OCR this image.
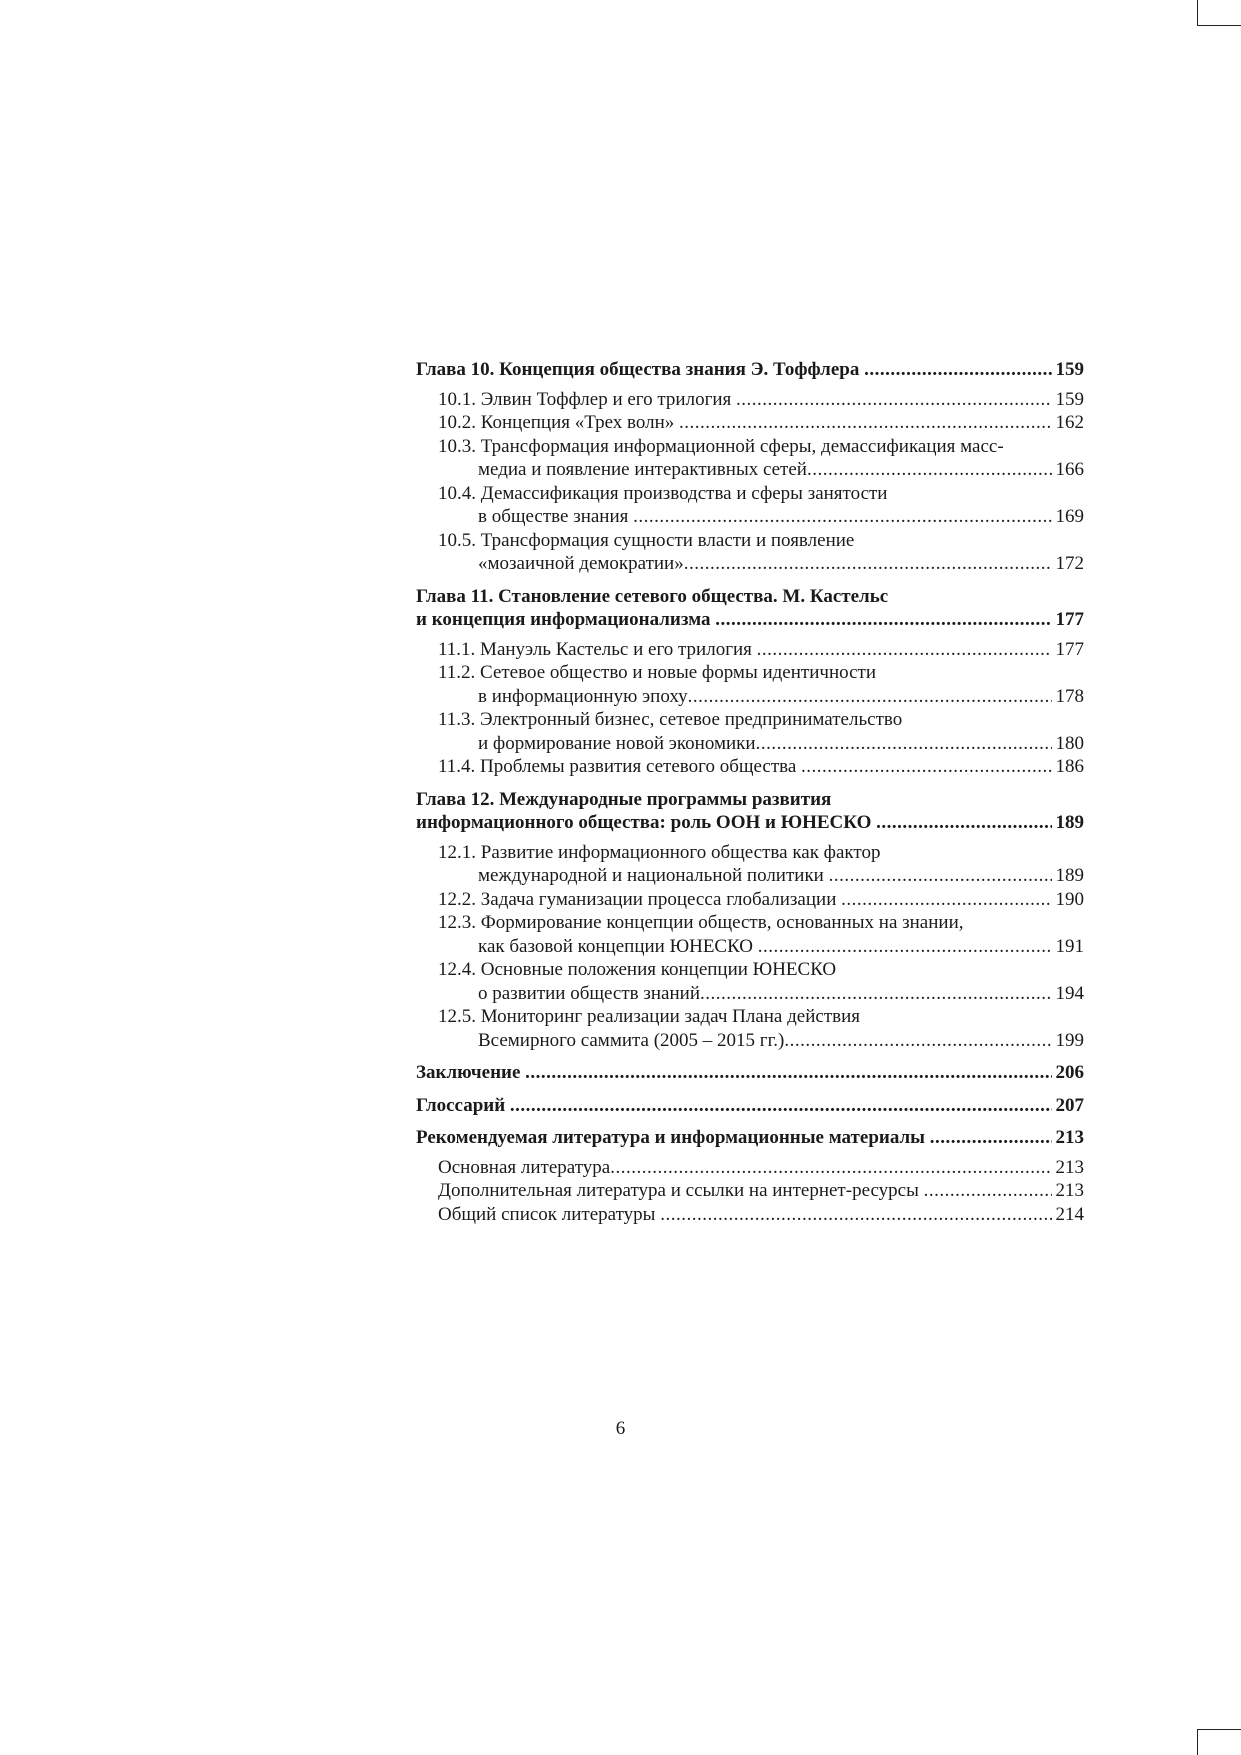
Глава 10. Концепция общества знания Э. Тоффлера .....	159
10.1. Элвин Тоффлер и его трилогия .....	159
10.2. Концепция «Трех волн» .....	162
10.3. Трансформация информационной сферы, демассификация масс-
медиа и появление интерактивных сетей .....	166
10.4. Демассификация производства и сферы занятости
в обществе знания .....	169
10.5. Трансформация сущности власти и появление
«мозаичной демократии» .....	172
Глава 11. Становление сетевого общества. М. Кастельс
и концепция информационализма .....	177
11.1. Мануэль Кастельс и его трилогия .....	177
11.2. Сетевое общество и новые формы идентичности
в информационную эпоху .....	178
11.3. Электронный бизнес, сетевое предпринимательство
и формирование новой экономики .....	180
11.4. Проблемы развития сетевого общества .....	186
Глава 12. Международные программы развития
информационного общества: роль ООН и ЮНЕСКО .....	189
12.1. Развитие информационного общества как фактор
международной и национальной политики .....	189
12.2. Задача гуманизации процесса глобализации .....	190
12.3. Формирование концепции обществ, основанных на знании,
как базовой концепции ЮНЕСКО .....	191
12.4. Основные положения концепции ЮНЕСКО
о развитии обществ знаний .....	194
12.5. Мониторинг реализации задач Плана действия
Всемирного саммита (2005 – 2015 гг.) .....	199
Заключение .....	206
Глоссарий .....	207
Рекомендуемая литература и информационные материалы .....	213
Основная литература .....	213
Дополнительная литература и ссылки на интернет-ресурсы .....	213
Общий список литературы .....	214
6
